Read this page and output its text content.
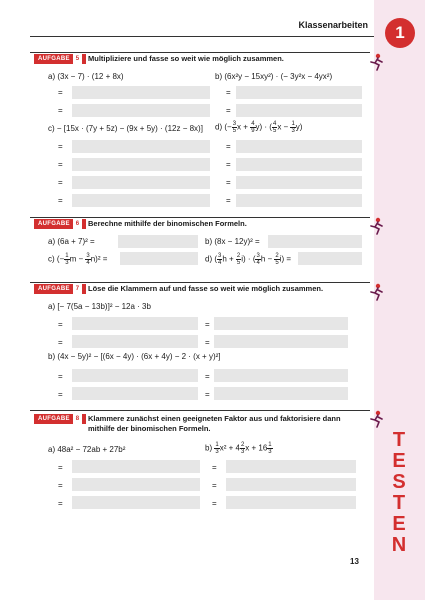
Klassenarbeiten	1
T
E
S
T
E
N
AUFGABE 5	Multipliziere und fasse so weit wie möglich zusammen.
a) (3x − 7) · (12 + 8x)	b) (6x²y − 15xy²) · (− 3y²x − 4yx²)
=	=
=	=
c) − [15x · (7y + 5z) − (9x + 5y) · (12z − 8x)] d) (− $\frac{3}{5}$ $x + \frac{4}{9} y$) · ( $\frac{4}{5}$ $x - \frac{1}{3} y$)
=	=
=	=
=	=
=	=
AUFGABE 6	Berechne mithilfe der binomischen Formeln.
a) (6a + 7)² =	b) (8x − 12y)² =
c) (− $\frac{1}{3}$ $m - \frac{3}{4} n)^2$ =	d) ( $\frac{3}{4}$ $h + \frac{2}{5} i$) · ( $\frac{3}{4}$ $h - \frac{2}{5} i$) =
AUFGABE 7	Löse die Klammern auf und fasse so weit wie möglich zusammen.
a) [− 7(5a − 13b)]² − 12a · 3b
=	=
=	=
b) (4x − 5y)² − [(6x − 4y) · (6x + 4y) − 2 · (x + y)²]
=	=
=	=
AUFGABE 8	Klammere zunächst einen geeigneten Faktor aus und faktorisiere dann mithilfe der binomischen Formeln.
a) 48a² − 72ab + 27b²	$b) \frac{1}{3} x^2 + 4 \frac{2}{3}$ $x + 16 \frac{1}{3}$
=	=
=	=
=	=
13
